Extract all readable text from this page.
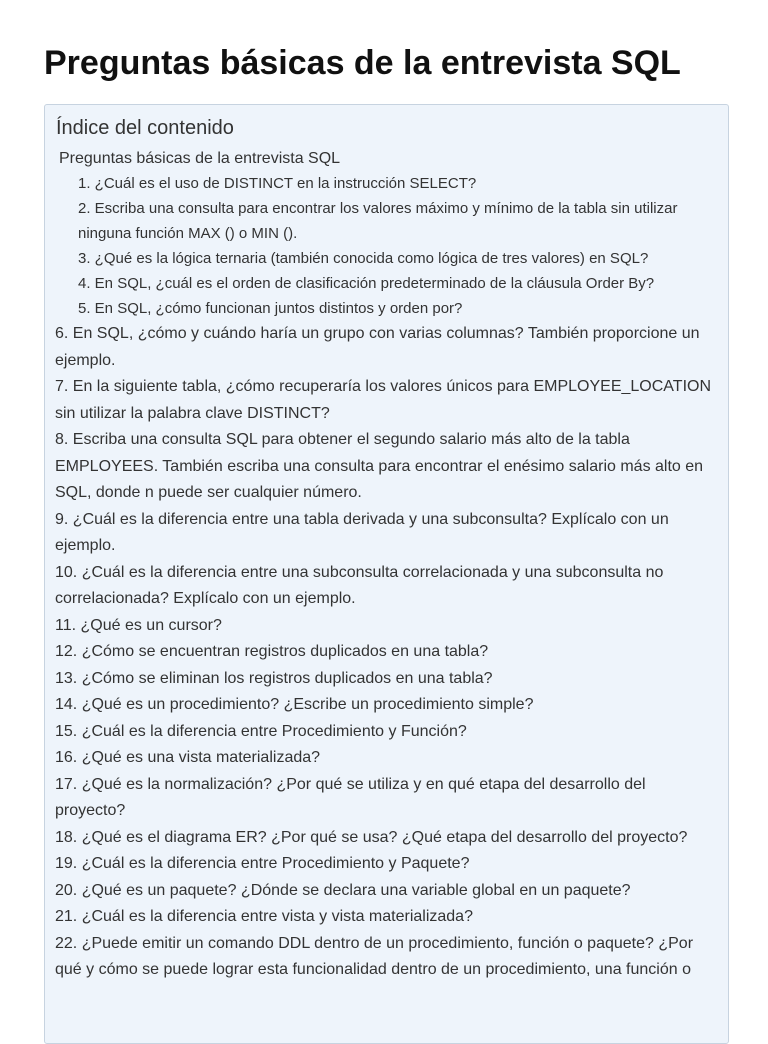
Preguntas básicas de la entrevista SQL
Índice del contenido
Preguntas básicas de la entrevista SQL
1. ¿Cuál es el uso de DISTINCT en la instrucción SELECT?
2. Escriba una consulta para encontrar los valores máximo y mínimo de la tabla sin utilizar ninguna función MAX () o MIN ().
3. ¿Qué es la lógica ternaria (también conocida como lógica de tres valores) en SQL?
4. En SQL, ¿cuál es el orden de clasificación predeterminado de la cláusula Order By?
5. En SQL, ¿cómo funcionan juntos distintos y orden por?
6. En SQL, ¿cómo y cuándo haría un grupo con varias columnas? También proporcione un ejemplo.
7. En la siguiente tabla, ¿cómo recuperaría los valores únicos para EMPLOYEE_LOCATION sin utilizar la palabra clave DISTINCT?
8. Escriba una consulta SQL para obtener el segundo salario más alto de la tabla EMPLOYEES. También escriba una consulta para encontrar el enésimo salario más alto en SQL, donde n puede ser cualquier número.
9. ¿Cuál es la diferencia entre una tabla derivada y una subconsulta? Explícalo con un ejemplo.
10. ¿Cuál es la diferencia entre una subconsulta correlacionada y una subconsulta no correlacionada? Explícalo con un ejemplo.
11. ¿Qué es un cursor?
12. ¿Cómo se encuentran registros duplicados en una tabla?
13. ¿Cómo se eliminan los registros duplicados en una tabla?
14. ¿Qué es un procedimiento? ¿Escribe un procedimiento simple?
15. ¿Cuál es la diferencia entre Procedimiento y Función?
16. ¿Qué es una vista materializada?
17. ¿Qué es la normalización? ¿Por qué se utiliza y en qué etapa del desarrollo del proyecto?
18. ¿Qué es el diagrama ER? ¿Por qué se usa? ¿Qué etapa del desarrollo del proyecto?
19. ¿Cuál es la diferencia entre Procedimiento y Paquete?
20. ¿Qué es un paquete? ¿Dónde se declara una variable global en un paquete?
21. ¿Cuál es la diferencia entre vista y vista materializada?
22. ¿Puede emitir un comando DDL dentro de un procedimiento, función o paquete? ¿Por qué y cómo se puede lograr esta funcionalidad dentro de un procedimiento, una función o
